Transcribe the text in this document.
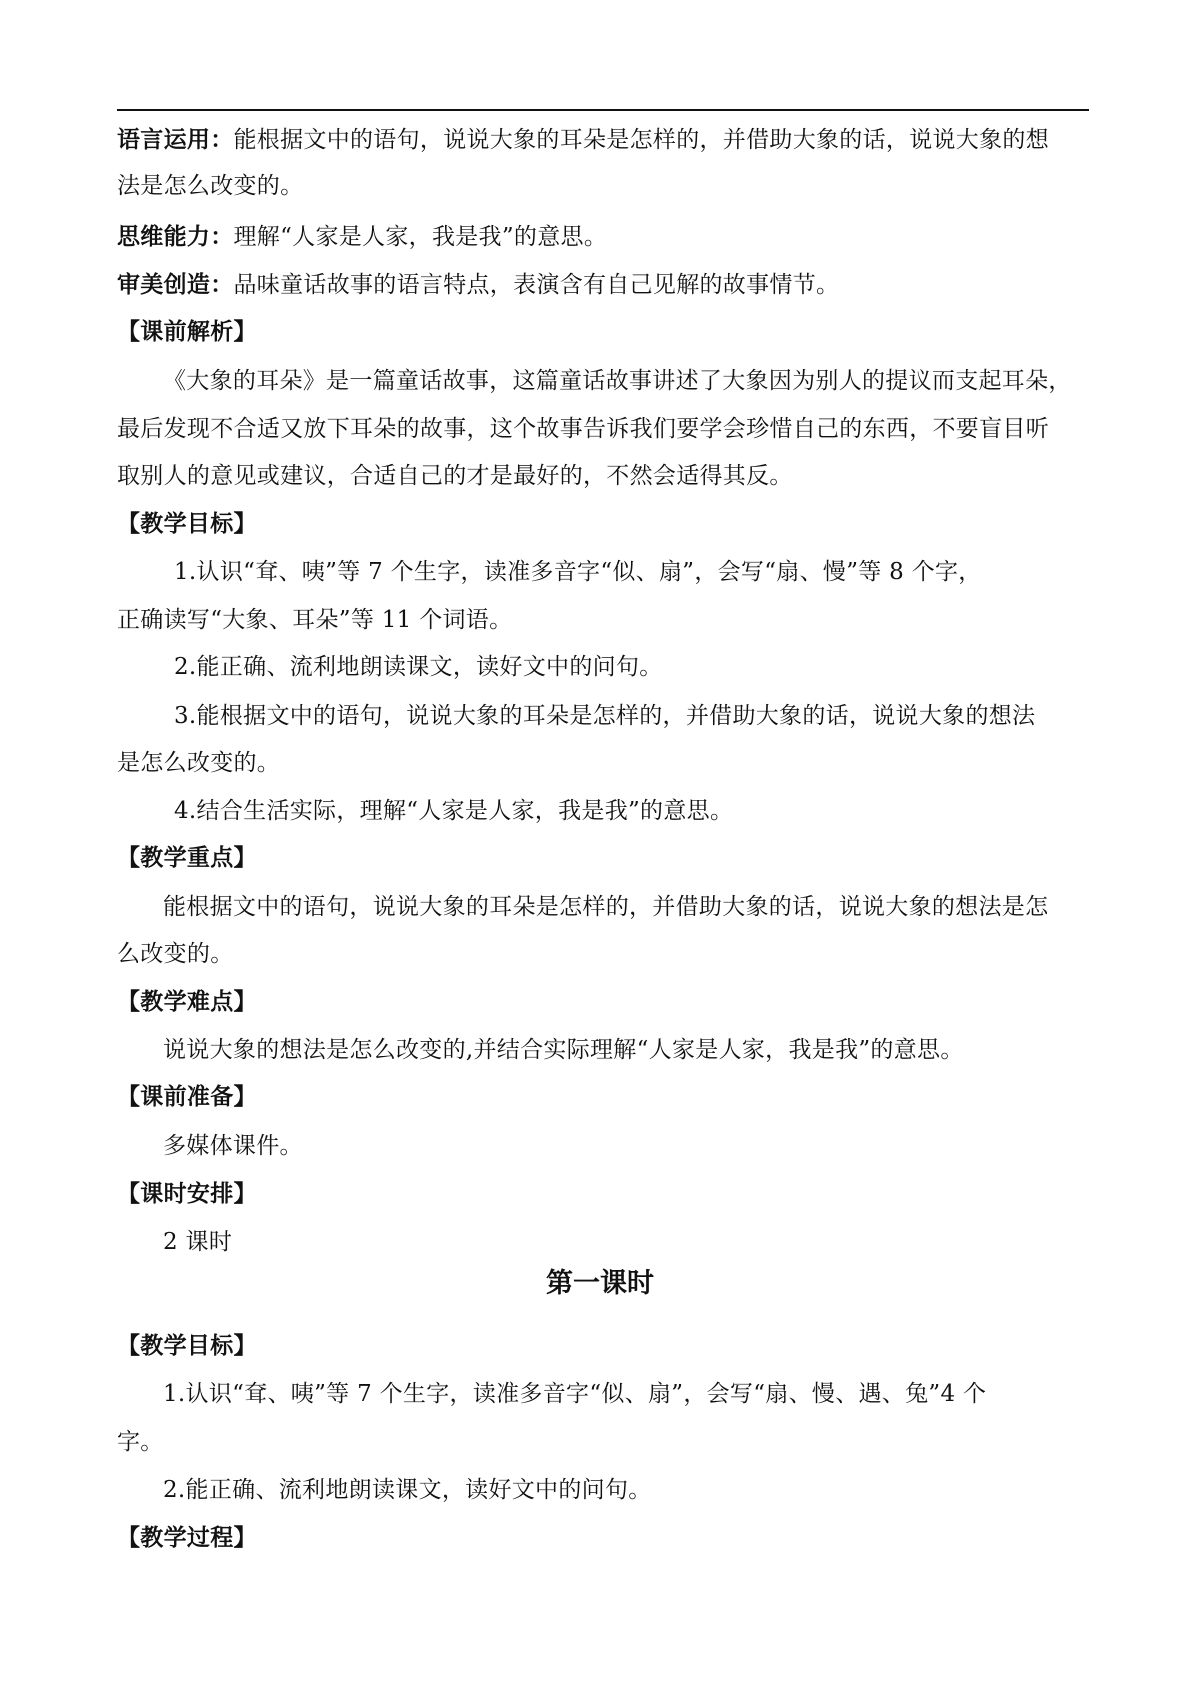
语言运用：能根据文中的语句，说说大象的耳朵是怎样的，并借助大象的话，说说大象的想
法是怎么改变的。
思维能力：理解“人家是人家，我是我”的意思。
审美创造：品味童话故事的语言特点，表演含有自己见解的故事情节。
【课前解析】
《大象的耳朵》是一篇童话故事，这篇童话故事讲述了大象因为别人的提议而支起耳朵，
最后发现不合适又放下耳朵的故事，这个故事告诉我们要学会珍惜自己的东西，不要盲目听
取别人的意见或建议，合适自己的才是最好的，不然会适得其反。
【教学目标】
1.认识“耷、咦”等 7 个生字，读准多音字“似、扇”，会写“扇、慢”等 8 个字，
正确读写“大象、耳朵”等 11 个词语。
2.能正确、流利地朗读课文，读好文中的问句。
3.能根据文中的语句，说说大象的耳朵是怎样的，并借助大象的话，说说大象的想法
是怎么改变的。
4.结合生活实际，理解“人家是人家，我是我”的意思。
【教学重点】
能根据文中的语句，说说大象的耳朵是怎样的，并借助大象的话，说说大象的想法是怎
么改变的。
【教学难点】
说说大象的想法是怎么改变的,并结合实际理解“人家是人家，我是我”的意思。
【课前准备】
多媒体课件。
【课时安排】
2 课时
第一课时
【教学目标】
1.认识“耷、咦”等 7 个生字，读准多音字“似、扇”，会写“扇、慢、遇、兔”4 个
字。
2.能正确、流利地朗读课文，读好文中的问句。
【教学过程】
